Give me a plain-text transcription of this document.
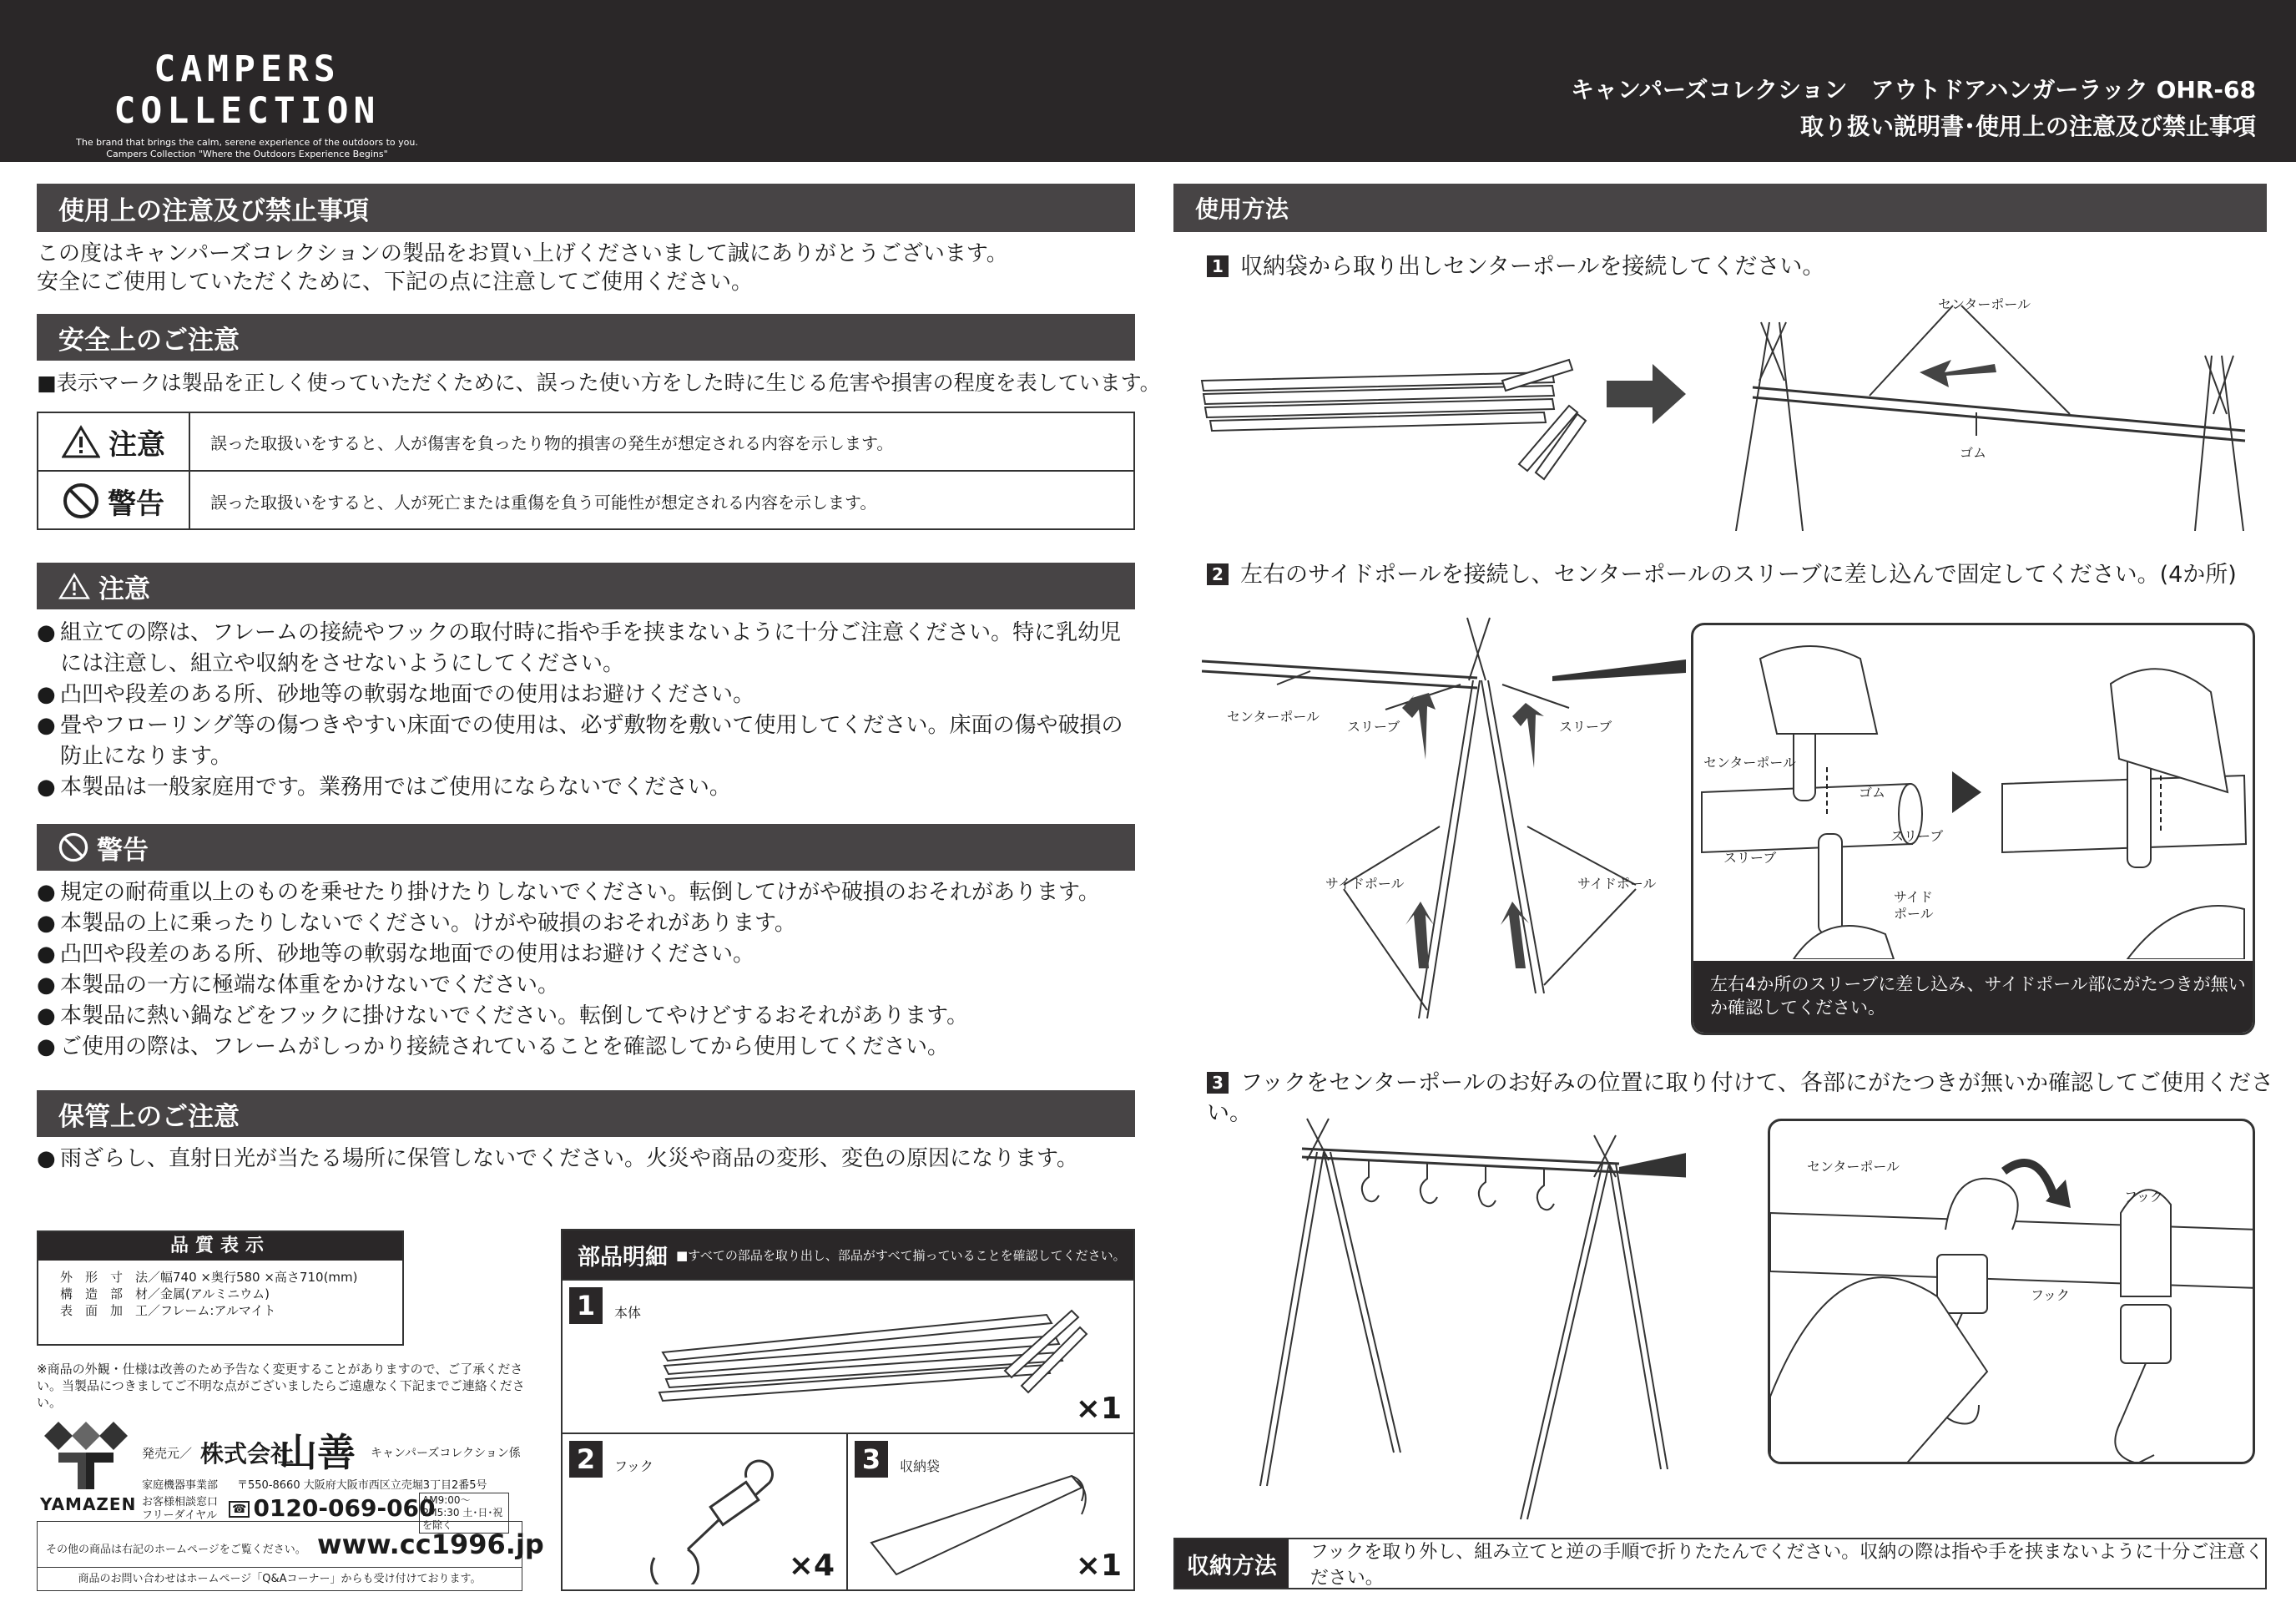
CAMPERS COLLECTION
The brand that brings the calm, serene experience of the outdoors to you.
Campers Collection "Where the Outdoors Experience Begins"
SINCE 1996
キャンパーズコレクション　アウトドアハンガーラック OHR-68
取り扱い説明書･使用上の注意及び禁止事項
使用上の注意及び禁止事項
この度はキャンパーズコレクションの製品をお買い上げくださいまして誠にありがとうございます。
安全にご使用していただくために、下記の点に注意してご使用ください。
安全上のご注意
■表示マークは製品を正しく使っていただくために、誤った使い方をした時に生じる危害や損害の程度を表しています。
注意	誤った取扱いをすると、人が傷害を負ったり物的損害の発生が想定される内容を示します。
警告	誤った取扱いをすると、人が死亡または重傷を負う可能性が想定される内容を示します。
注意
● 組立ての際は、フレームの接続やフックの取付時に指や手を挟まないように十分ご注意ください。特に乳幼児には注意し、組立や収納をさせないようにしてください。
● 凸凹や段差のある所、砂地等の軟弱な地面での使用はお避けください。
● 畳やフローリング等の傷つきやすい床面での使用は、必ず敷物を敷いて使用してください。床面の傷や破損の防止になります。
● 本製品は一般家庭用です。業務用ではご使用にならないでください。
警告
● 規定の耐荷重以上のものを乗せたり掛けたりしないでください。転倒してけがや破損のおそれがあります。
● 本製品の上に乗ったりしないでください。けがや破損のおそれがあります。
● 凸凹や段差のある所、砂地等の軟弱な地面での使用はお避けください。
● 本製品の一方に極端な体重をかけないでください。
● 本製品に熱い鍋などをフックに掛けないでください。転倒してやけどするおそれがあります。
● ご使用の際は、フレームがしっかり接続されていることを確認してから使用してください。
保管上のご注意
● 雨ざらし、直射日光が当たる場所に保管しないでください。火災や商品の変形、変色の原因になります。
品質表示
外　形　寸　法／幅740 ×奥行580 ×高さ710(mm)
構　造　部　材／金属(アルミニウム)
表　面　加　工／フレーム:アルマイト
※商品の外観・仕様は改善のため予告なく変更することがありますので、ご了承ください。当製品につきましてご不明な点がございましたらご遠慮なく下記までご連絡ください。
YAMAZEN
発売元／ 株式会社
山善 キャンパーズコレクション係
家庭機器事業部 〒550-8660 大阪府大阪市西区立売堀3丁目2番5号
お客様相談窓口 フリーダイヤル	☎ 0120-069-060
AM9:00〜PM5:30 土･日･祝を除く
その他の商品は右記のホームページをご覧ください。 www.cc1996.jp
商品のお問い合わせはホームページ「Q&Aコーナー」からも受け付けております。
部品明細 ■すべての部品を取り出し、部品がすべて揃っていることを確認してください。
1	本体
×1
2	フック
×4
3	収納袋
×1
使用方法
1 収納袋から取り出しセンターポールを接続してください。
センターポール
ゴム
2 左右のサイドポールを接続し、センターポールのスリーブに差し込んで固定してください。(4か所)
センターポール
スリーブ	スリーブ
サイドポール	サイドポール
センターポール
ゴム
スリーブ
スリーブ
サイド ポール
左右4か所のスリーブに差し込み、サイドポール部にがたつきが無いか確認してください。
3 フックをセンターポールのお好みの位置に取り付けて、各部にがたつきが無いか確認してご使用ください。
センターポール
フック
フック
収納方法
フックを取り外し、組み立てと逆の手順で折りたたんでください。収納の際は指や手を挟まないように十分ご注意ください。
